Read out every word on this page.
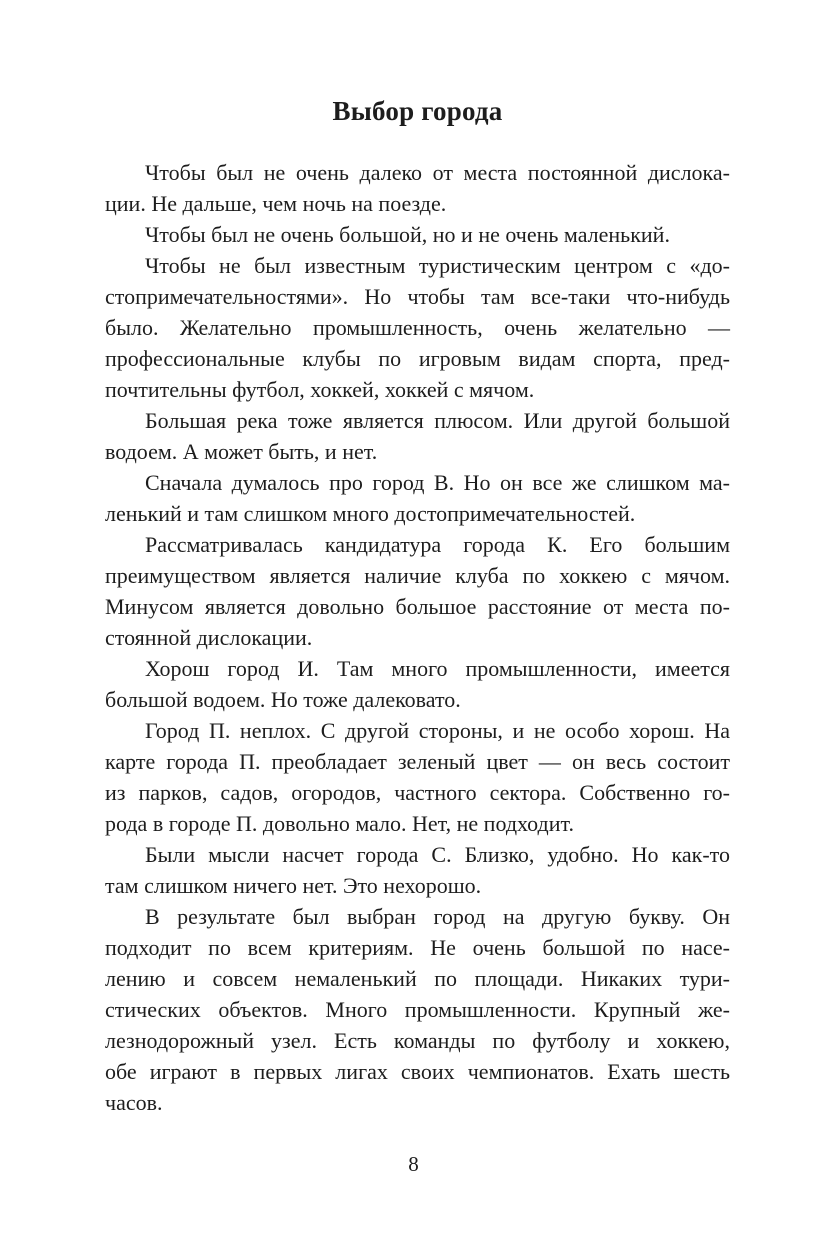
Выбор города
Чтобы был не очень далеко от места постоянной дислока-
ции. Не дальше, чем ночь на поезде.
Чтобы был не очень большой, но и не очень маленький.
Чтобы не был известным туристическим центром с «до-
стопримечательностями». Но чтобы там все-таки что-нибудь
было. Желательно промышленность, очень желательно —
профессиональные клубы по игровым видам спорта, пред-
почтительны футбол, хоккей, хоккей с мячом.
Большая река тоже является плюсом. Или другой большой
водоем. А может быть, и нет.
Сначала думалось про город В. Но он все же слишком ма-
ленький и там слишком много достопримечательностей.
Рассматривалась кандидатура города К. Его большим
преимуществом является наличие клуба по хоккею с мячом.
Минусом является довольно большое расстояние от места по-
стоянной дислокации.
Хорош город И. Там много промышленности, имеется
большой водоем. Но тоже далековато.
Город П. неплох. С другой стороны, и не особо хорош. На
карте города П. преобладает зеленый цвет — он весь состоит
из парков, садов, огородов, частного сектора. Собственно го-
рода в городе П. довольно мало. Нет, не подходит.
Были мысли насчет города С. Близко, удобно. Но как-то
там слишком ничего нет. Это нехорошо.
В результате был выбран город на другую букву. Он
подходит по всем критериям. Не очень большой по насе-
лению и совсем немаленький по площади. Никаких тури-
стических объектов. Много промышленности. Крупный же-
лезнодорожный узел. Есть команды по футболу и хоккею,
обе играют в первых лигах своих чемпионатов. Ехать шесть
часов.
8
